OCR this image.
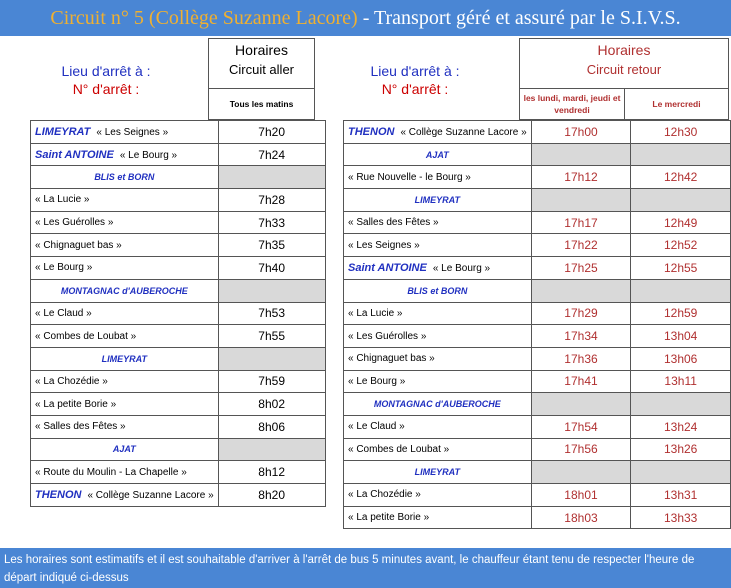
Circuit n° 5
(Collège Suzanne Lacore)
- Transport géré et assuré par le S.I.V.S.
Lieu d'arrêt à :
N° d'arrêt :
Horaires
Circuit aller
Tous les matins
LIMEYRAT « Les Seignes »	7h20
Saint ANTOINE « Le Bourg »	7h24
BLIS et BORN	
« La Lucie »	7h28
« Les Guérolles »	7h33
« Chignaguet bas »	7h35
« Le Bourg »	7h40
MONTAGNAC d'AUBEROCHE	
« Le Claud »	7h53
« Combes de Loubat »	7h55
LIMEYRAT	
« La Chozédie »	7h59
« La petite Borie »	8h02
« Salles des Fêtes »	8h06
AJAT	
« Route du Moulin - La Chapelle »	8h12
THENON « Collège Suzanne Lacore »	8h20
Lieu d'arrêt à :
N° d'arrêt :
Horaires
Circuit retour
les lundi, mardi, jeudi et vendredi
Le mercredi
THENON « Collège Suzanne Lacore »	17h00	12h30
AJAT		
« Rue Nouvelle - le Bourg »	17h12	12h42
LIMEYRAT		
« Salles des Fêtes »	17h17	12h49
« Les Seignes »	17h22	12h52
Saint ANTOINE « Le Bourg »	17h25	12h55
BLIS et BORN		
« La Lucie »	17h29	12h59
« Les Guérolles »	17h34	13h04
« Chignaguet bas »	17h36	13h06
« Le Bourg »	17h41	13h11
MONTAGNAC d'AUBEROCHE		
« Le Claud »	17h54	13h24
« Combes de Loubat »	17h56	13h26
LIMEYRAT		
« La Chozédie »	18h01	13h31
« La petite Borie »	18h03	13h33
Les horaires sont estimatifs et il est souhaitable d'arriver à l'arrêt de bus 5 minutes avant, le chauffeur étant tenu de respecter l'heure de départ indiqué ci-dessus
